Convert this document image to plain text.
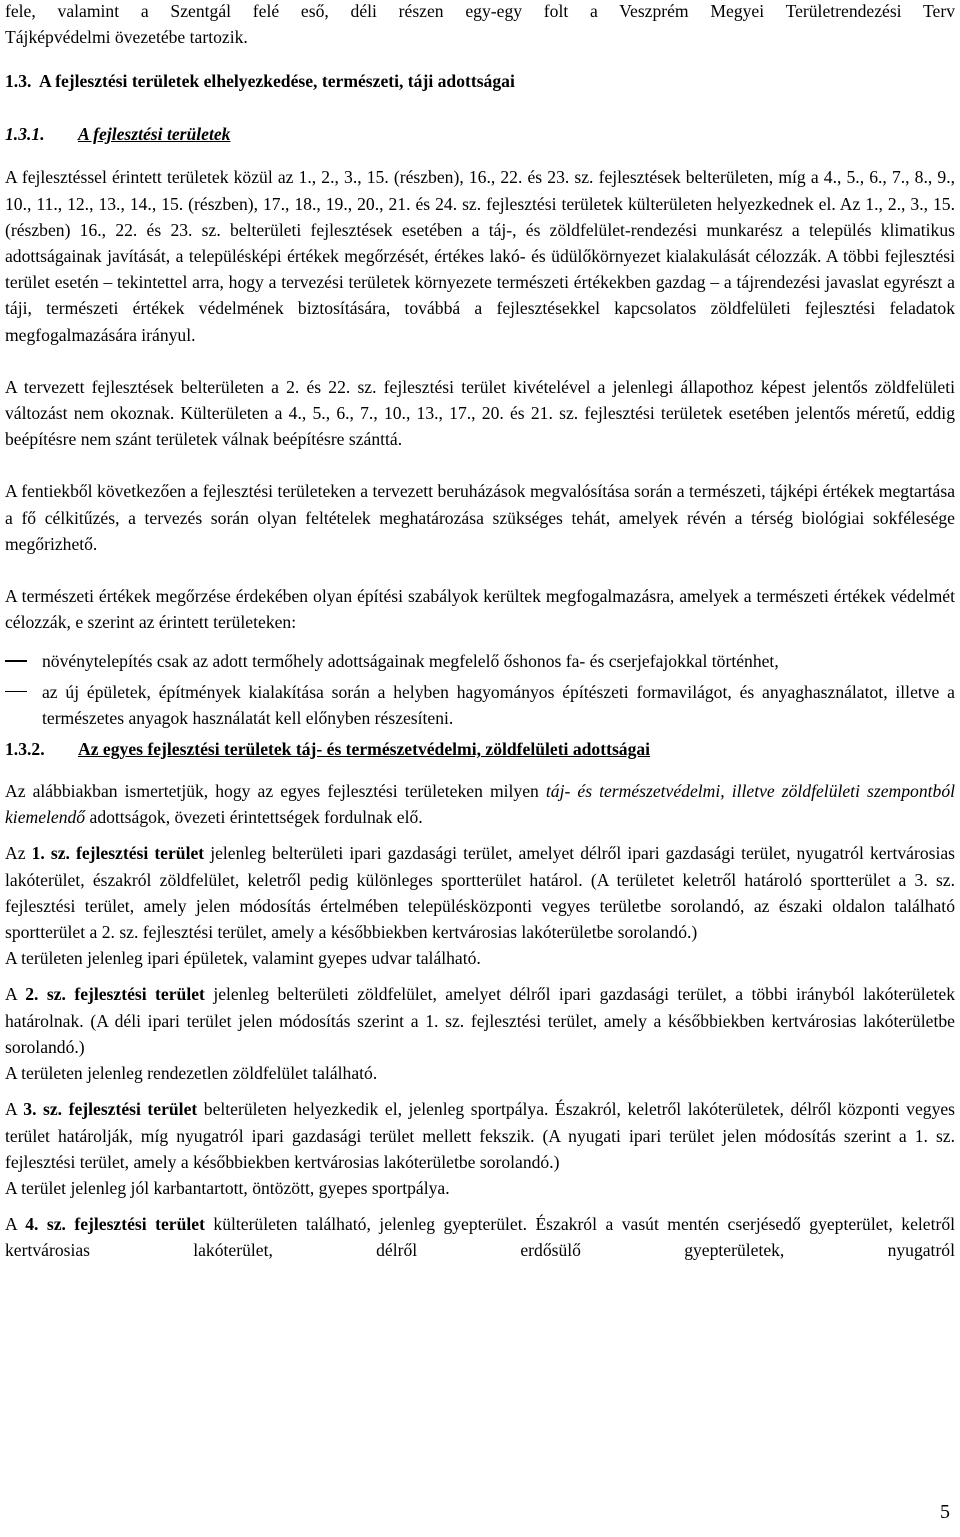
fele, valamint a Szentgál felé eső, déli részen egy-egy folt a Veszprém Megyei Területrendezési Terv
Tájképvédelmi övezetébe tartozik.

1.3. A fejlesztési területek elhelyezkedése, természeti, táji adottságai
1.3.1. A fejlesztési területek

A fejlesztéssel érintett területek közül az 1., 2., 3., 15. (részben), 16., 22. és 23. sz. fejlesztések belterületen, míg a 4., 5., 6., 7., 8., 9., 10., 11., 12., 13., 14., 15. (részben), 17., 18., 19., 20., 21. és 24. sz. fejlesztési területek külterületen helyezkednek el. Az 1., 2., 3., 15. (részben) 16., 22. és 23. sz. belterületi fejlesztések esetében a táj-, és zöldfelület-rendezési munkarész a település klimatikus adottságainak javítását, a településképi értékek megőrzését, értékes lakó- és üdülőkörnyezet kialakulását célozzák. A többi fejlesztési terület esetén – tekintettel arra, hogy a tervezési területek környezete természeti értékekben gazdag – a tájrendezési javaslat egyrészt a táji, természeti értékek védelmének biztosítására, továbbá a fejlesztésekkel kapcsolatos zöldfelületi fejlesztési feladatok megfogalmazására irányul.

A tervezett fejlesztések belterületen a 2. és 22. sz. fejlesztési terület kivételével a jelenlegi állapothoz képest jelentős zöldfelületi változást nem okoznak. Külterületen a 4., 5., 6., 7., 10., 13., 17., 20. és 21. sz. fejlesztési területek esetében jelentős méretű, eddig beépítésre nem szánt területek válnak beépítésre szánttá.

A fentiekből következően a fejlesztési területeken a tervezett beruházások megvalósítása során a természeti, tájképi értékek megtartása a fő célkitűzés, a tervezés során olyan feltételek meghatározása szükséges tehát, amelyek révén a térség biológiai sokfélesége megőrizhető.

A természeti értékek megőrzése érdekében olyan építési szabályok kerültek megfogalmazásra, amelyek a természeti értékek védelmét célozzák, e szerint az érintett területeken:

növénytelepítés csak az adott termőhely adottságainak megfelelő őshonos fa- és cserjefajokkal történhet,
az új épületek, építmények kialakítása során a helyben hagyományos építészeti formavilágot, és anyaghasználatot, illetve a természetes anyagok használatát kell előnyben részesíteni.
1.3.2. Az egyes fejlesztési területek táj- és természetvédelmi, zöldfelületi adottságai

Az alábbiakban ismertetjük, hogy az egyes fejlesztési területeken milyen táj- és természetvédelmi, illetve zöldfelületi szempontból kiemelendő adottságok, övezeti érintettségek fordulnak elő.

Az 1. sz. fejlesztési terület jelenleg belterületi ipari gazdasági terület, amelyet délről ipari gazdasági terület, nyugatról kertvárosias lakóterület, északról zöldfelület, keletről pedig különleges sportterület határol. (A területet keletről határoló sportterület a 3. sz. fejlesztési terület, amely jelen módosítás értelmében településközponti vegyes területbe sorolandó, az északi oldalon található sportterület a 2. sz. fejlesztési terület, amely a későbbiekben kertvárosias lakóterületbe sorolandó.)

A területen jelenleg ipari épületek, valamint gyepes udvar található.

A 2. sz. fejlesztési terület jelenleg belterületi zöldfelület, amelyet délről ipari gazdasági terület, a többi irányból lakóterületek határolnak. (A déli ipari terület jelen módosítás szerint a 1. sz. fejlesztési terület, amely a későbbiekben kertvárosias lakóterületbe sorolandó.)

A területen jelenleg rendezetlen zöldfelület található.

A 3. sz. fejlesztési terület belterületen helyezkedik el, jelenleg sportpálya. Északról, keletről lakóterületek, délről központi vegyes terület határolják, míg nyugatról ipari gazdasági terület mellett fekszik. (A nyugati ipari terület jelen módosítás szerint a 1. sz. fejlesztési terület, amely a későbbiekben kertvárosias lakóterületbe sorolandó.)

A terület jelenleg jól karbantartott, öntözött, gyepes sportpálya.

A 4. sz. fejlesztési terület külterületen található, jelenleg gyepterület. Északról a vasút mentén cserjésedő gyepterület, keletről kertvárosias lakóterület, délről erdősülő gyepterületek, nyugatról

5
